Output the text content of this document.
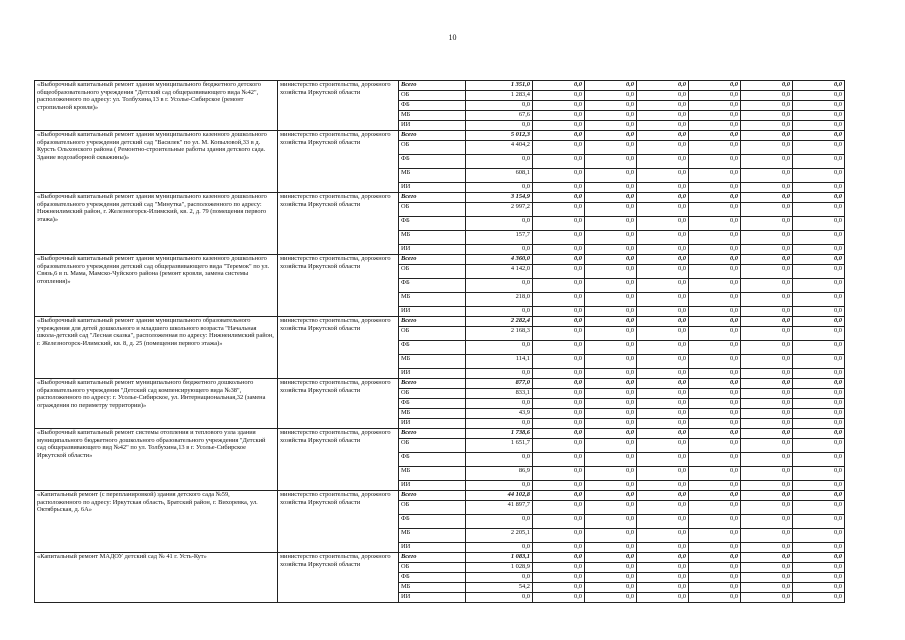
10
«Выборочный капитальный ремонт здания муниципального бюджетного детского общеобразовательного учреждения "Детский сад общеразвивающего вида №42", расположенного по адресу: ул. Толбухина,13 в г. Усолье-Сибирское (ремонт стропильной кровли)»	министерство строительства, дорожного хозяйства Иркутской области	Всего	1 351,0	0,0	0,0	0,0	0,0	0,0	0,0
		ОБ	1 283,4	0,0	0,0	0,0	0,0	0,0	0,0
		ФБ	0,0	0,0	0,0	0,0	0,0	0,0	0,0
		МБ	67,6	0,0	0,0	0,0	0,0	0,0	0,0
		ИИ	0,0	0,0	0,0	0,0	0,0	0,0	0,0
«Выборочный капитальный ремонт здания муниципального казенного дошкольного образовательного учреждения детский сад "Василек" по ул. М. Копыловой,33 в д. Курсть Ольхонского района ( Ремонтно-строительные работы здания детского сада. Здание водозаборной скважины)»	министерство строительства, дорожного хозяйства Иркутской области	Всего	5 012,3	0,0	0,0	0,0	0,0	0,0	0,0
		ОБ	4 404,2	0,0	0,0	0,0	0,0	0,0	0,0
		ФБ	0,0	0,0	0,0	0,0	0,0	0,0	0,0
		МБ	608,1	0,0	0,0	0,0	0,0	0,0	0,0
		ИИ	0,0	0,0	0,0	0,0	0,0	0,0	0,0
«Выборочный капитальный ремонт здания муниципального казенного дошкольного образовательного учреждения детский сад "Минутка", расположенного по адресу: Нижнеилимский район, г. Железногорск-Илимский, кв. 2, д. 79 (помещения первого этажа)»	министерство строительства, дорожного хозяйства Иркутской области	Всего	3 154,9	0,0	0,0	0,0	0,0	0,0	0,0
		ОБ	2 997,2	0,0	0,0	0,0	0,0	0,0	0,0
		ФБ	0,0	0,0	0,0	0,0	0,0	0,0	0,0
		МБ	157,7	0,0	0,0	0,0	0,0	0,0	0,0
		ИИ	0,0	0,0	0,0	0,0	0,0	0,0	0,0
«Выборочный капитальный ремонт здания муниципального казенного дошкольного образовательного учреждения детский сад общеразвивающего вида "Теремок" по ул. Связь,6 в п. Мама, Мамско-Чуйского района (ремонт кровли, замена системы отопления)»	министерство строительства, дорожного хозяйства Иркутской области	Всего	4 360,0	0,0	0,0	0,0	0,0	0,0	0,0
		ОБ	4 142,0	0,0	0,0	0,0	0,0	0,0	0,0
		ФБ	0,0	0,0	0,0	0,0	0,0	0,0	0,0
		МБ	218,0	0,0	0,0	0,0	0,0	0,0	0,0
		ИИ	0,0	0,0	0,0	0,0	0,0	0,0	0,0
«Выборочный капитальный ремонт здания муниципального образовательного учреждения для детей дошкольного и младшего школьного возраста "Начальная школа-детский сад "Лесная сказка", расположенная по адресу: Нижнеилимский район, г. Железногорск-Илимский, кв. 8, д. 25 (помещения первого этажа)»	министерство строительства, дорожного хозяйства Иркутской области	Всего	2 282,4	0,0	0,0	0,0	0,0	0,0	0,0
		ОБ	2 168,3	0,0	0,0	0,0	0,0	0,0	0,0
		ФБ	0,0	0,0	0,0	0,0	0,0	0,0	0,0
		МБ	114,1	0,0	0,0	0,0	0,0	0,0	0,0
		ИИ	0,0	0,0	0,0	0,0	0,0	0,0	0,0
«Выборочный капитальный ремонт муниципального бюджетного дошкольного образовательного учреждения "Детский сад компенсирующего вида №38", расположенного по адресу: г. Усолье-Сибирское, ул. Интернациональная,32 (замена ограждения по периметру территории)»	министерство строительства, дорожного хозяйства Иркутской области	Всего	877,0	0,0	0,0	0,0	0,0	0,0	0,0
		ОБ	833,1	0,0	0,0	0,0	0,0	0,0	0,0
		ФБ	0,0	0,0	0,0	0,0	0,0	0,0	0,0
		МБ	43,9	0,0	0,0	0,0	0,0	0,0	0,0
		ИИ	0,0	0,0	0,0	0,0	0,0	0,0	0,0
«Выборочный капитальный ремонт системы отопления и теплового узла здания муниципального бюджетного дошкольного образовательного учреждения "Детский сад общеразвивающего вид №42" по ул. Толбухина,13 в г. Усолье-Сибирское Иркутской области»	министерство строительства, дорожного хозяйства Иркутской области	Всего	1 738,6	0,0	0,0	0,0	0,0	0,0	0,0
		ОБ	1 651,7	0,0	0,0	0,0	0,0	0,0	0,0
		ФБ	0,0	0,0	0,0	0,0	0,0	0,0	0,0
		МБ	86,9	0,0	0,0	0,0	0,0	0,0	0,0
		ИИ	0,0	0,0	0,0	0,0	0,0	0,0	0,0
«Капитальный ремонт (с перепланировкой) здания детского сада №59, расположенного по адресу: Иркутская область, Братский район, г. Вихоревка, ул. Октябрьская, д. 6А»	министерство строительства, дорожного хозяйства Иркутской области	Всего	44 102,8	0,0	0,0	0,0	0,0	0,0	0,0
		ОБ	41 897,7	0,0	0,0	0,0	0,0	0,0	0,0
		ФБ	0,0	0,0	0,0	0,0	0,0	0,0	0,0
		МБ	2 205,1	0,0	0,0	0,0	0,0	0,0	0,0
		ИИ	0,0	0,0	0,0	0,0	0,0	0,0	0,0
«Капитальный ремонт МАДОУ детский сад № 41 г. Усть-Кут»	министерство строительства, дорожного хозяйства Иркутской области	Всего	1 083,1	0,0	0,0	0,0	0,0	0,0	0,0
		ОБ	1 028,9	0,0	0,0	0,0	0,0	0,0	0,0
		ФБ	0,0	0,0	0,0	0,0	0,0	0,0	0,0
		МБ	54,2	0,0	0,0	0,0	0,0	0,0	0,0
		ИИ	0,0	0,0	0,0	0,0	0,0	0,0	0,0
